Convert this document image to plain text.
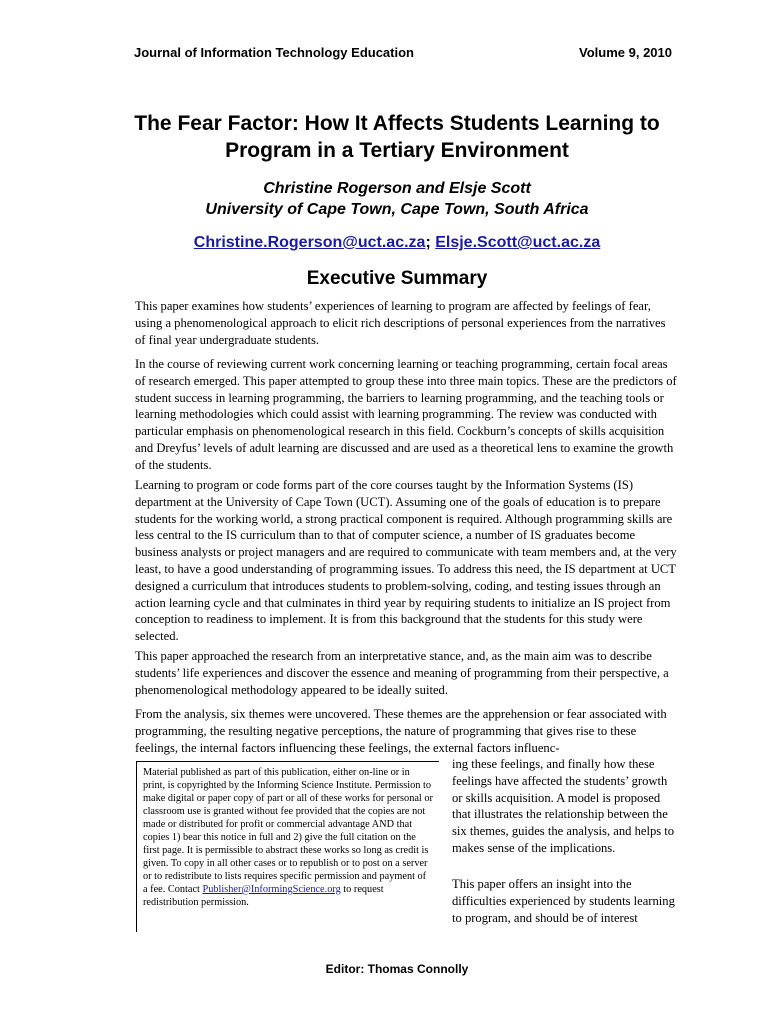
Journal of Information Technology Education	Volume 9, 2010
The Fear Factor: How It Affects Students Learning to Program in a Tertiary Environment
Christine Rogerson and Elsje Scott
University of Cape Town, Cape Town, South Africa
Christine.Rogerson@uct.ac.za; Elsje.Scott@uct.ac.za
Executive Summary

This paper examines how students’ experiences of learning to program are affected by feelings of fear, using a phenomenological approach to elicit rich descriptions of personal experiences from the narratives of final year undergraduate students.

In the course of reviewing current work concerning learning or teaching programming, certain focal areas of research emerged. This paper attempted to group these into three main topics. These are the predictors of student success in learning programming, the barriers to learning programming, and the teaching tools or learning methodologies which could assist with learning programming. The review was conducted with particular emphasis on phenomenological research in this field. Cockburn’s concepts of skills acquisition and Dreyfus’ levels of adult learning are discussed and are used as a theoretical lens to examine the growth of the students.

Learning to program or code forms part of the core courses taught by the Information Systems (IS) department at the University of Cape Town (UCT). Assuming one of the goals of education is to prepare students for the working world, a strong practical component is required. Although programming skills are less central to the IS curriculum than to that of computer science, a number of IS graduates become business analysts or project managers and are required to communicate with team members and, at the very least, to have a good understanding of programming issues. To address this need, the IS department at UCT designed a curriculum that introduces students to problem-solving, coding, and testing issues through an action learning cycle and that culminates in third year by requiring students to initialize an IS project from conception to readiness to implement. It is from this background that the students for this study were selected.

This paper approached the research from an interpretative stance, and, as the main aim was to describe students’ life experiences and discover the essence and meaning of programming from their perspective, a phenomenological methodology appeared to be ideally suited.

From the analysis, six themes were uncovered. These themes are the apprehension or fear associated with programming, the resulting negative perceptions, the nature of programming that gives rise to these feelings, the internal factors influencing these feelings, the external factors influenc-

ing these feelings, and finally how these feelings have affected the students’ growth or skills acquisition. A model is proposed that illustrates the relationship between the six themes, guides the analysis, and helps to makes sense of the implications.

This paper offers an insight into the difficulties experienced by students learning to program, and should be of interest

Material published as part of this publication, either on-line or in print, is copyrighted by the Informing Science Institute. Permission to make digital or paper copy of part or all of these works for personal or classroom use is granted without fee provided that the copies are not made or distributed for profit or commercial advantage AND that copies 1) bear this notice in full and 2) give the full citation on the first page. It is permissible to abstract these works so long as credit is given. To copy in all other cases or to republish or to post on a server or to redistribute to lists requires specific permission and payment of a fee. Contact Publisher@InformingScience.org to request redistribution permission.

Editor: Thomas Connolly
